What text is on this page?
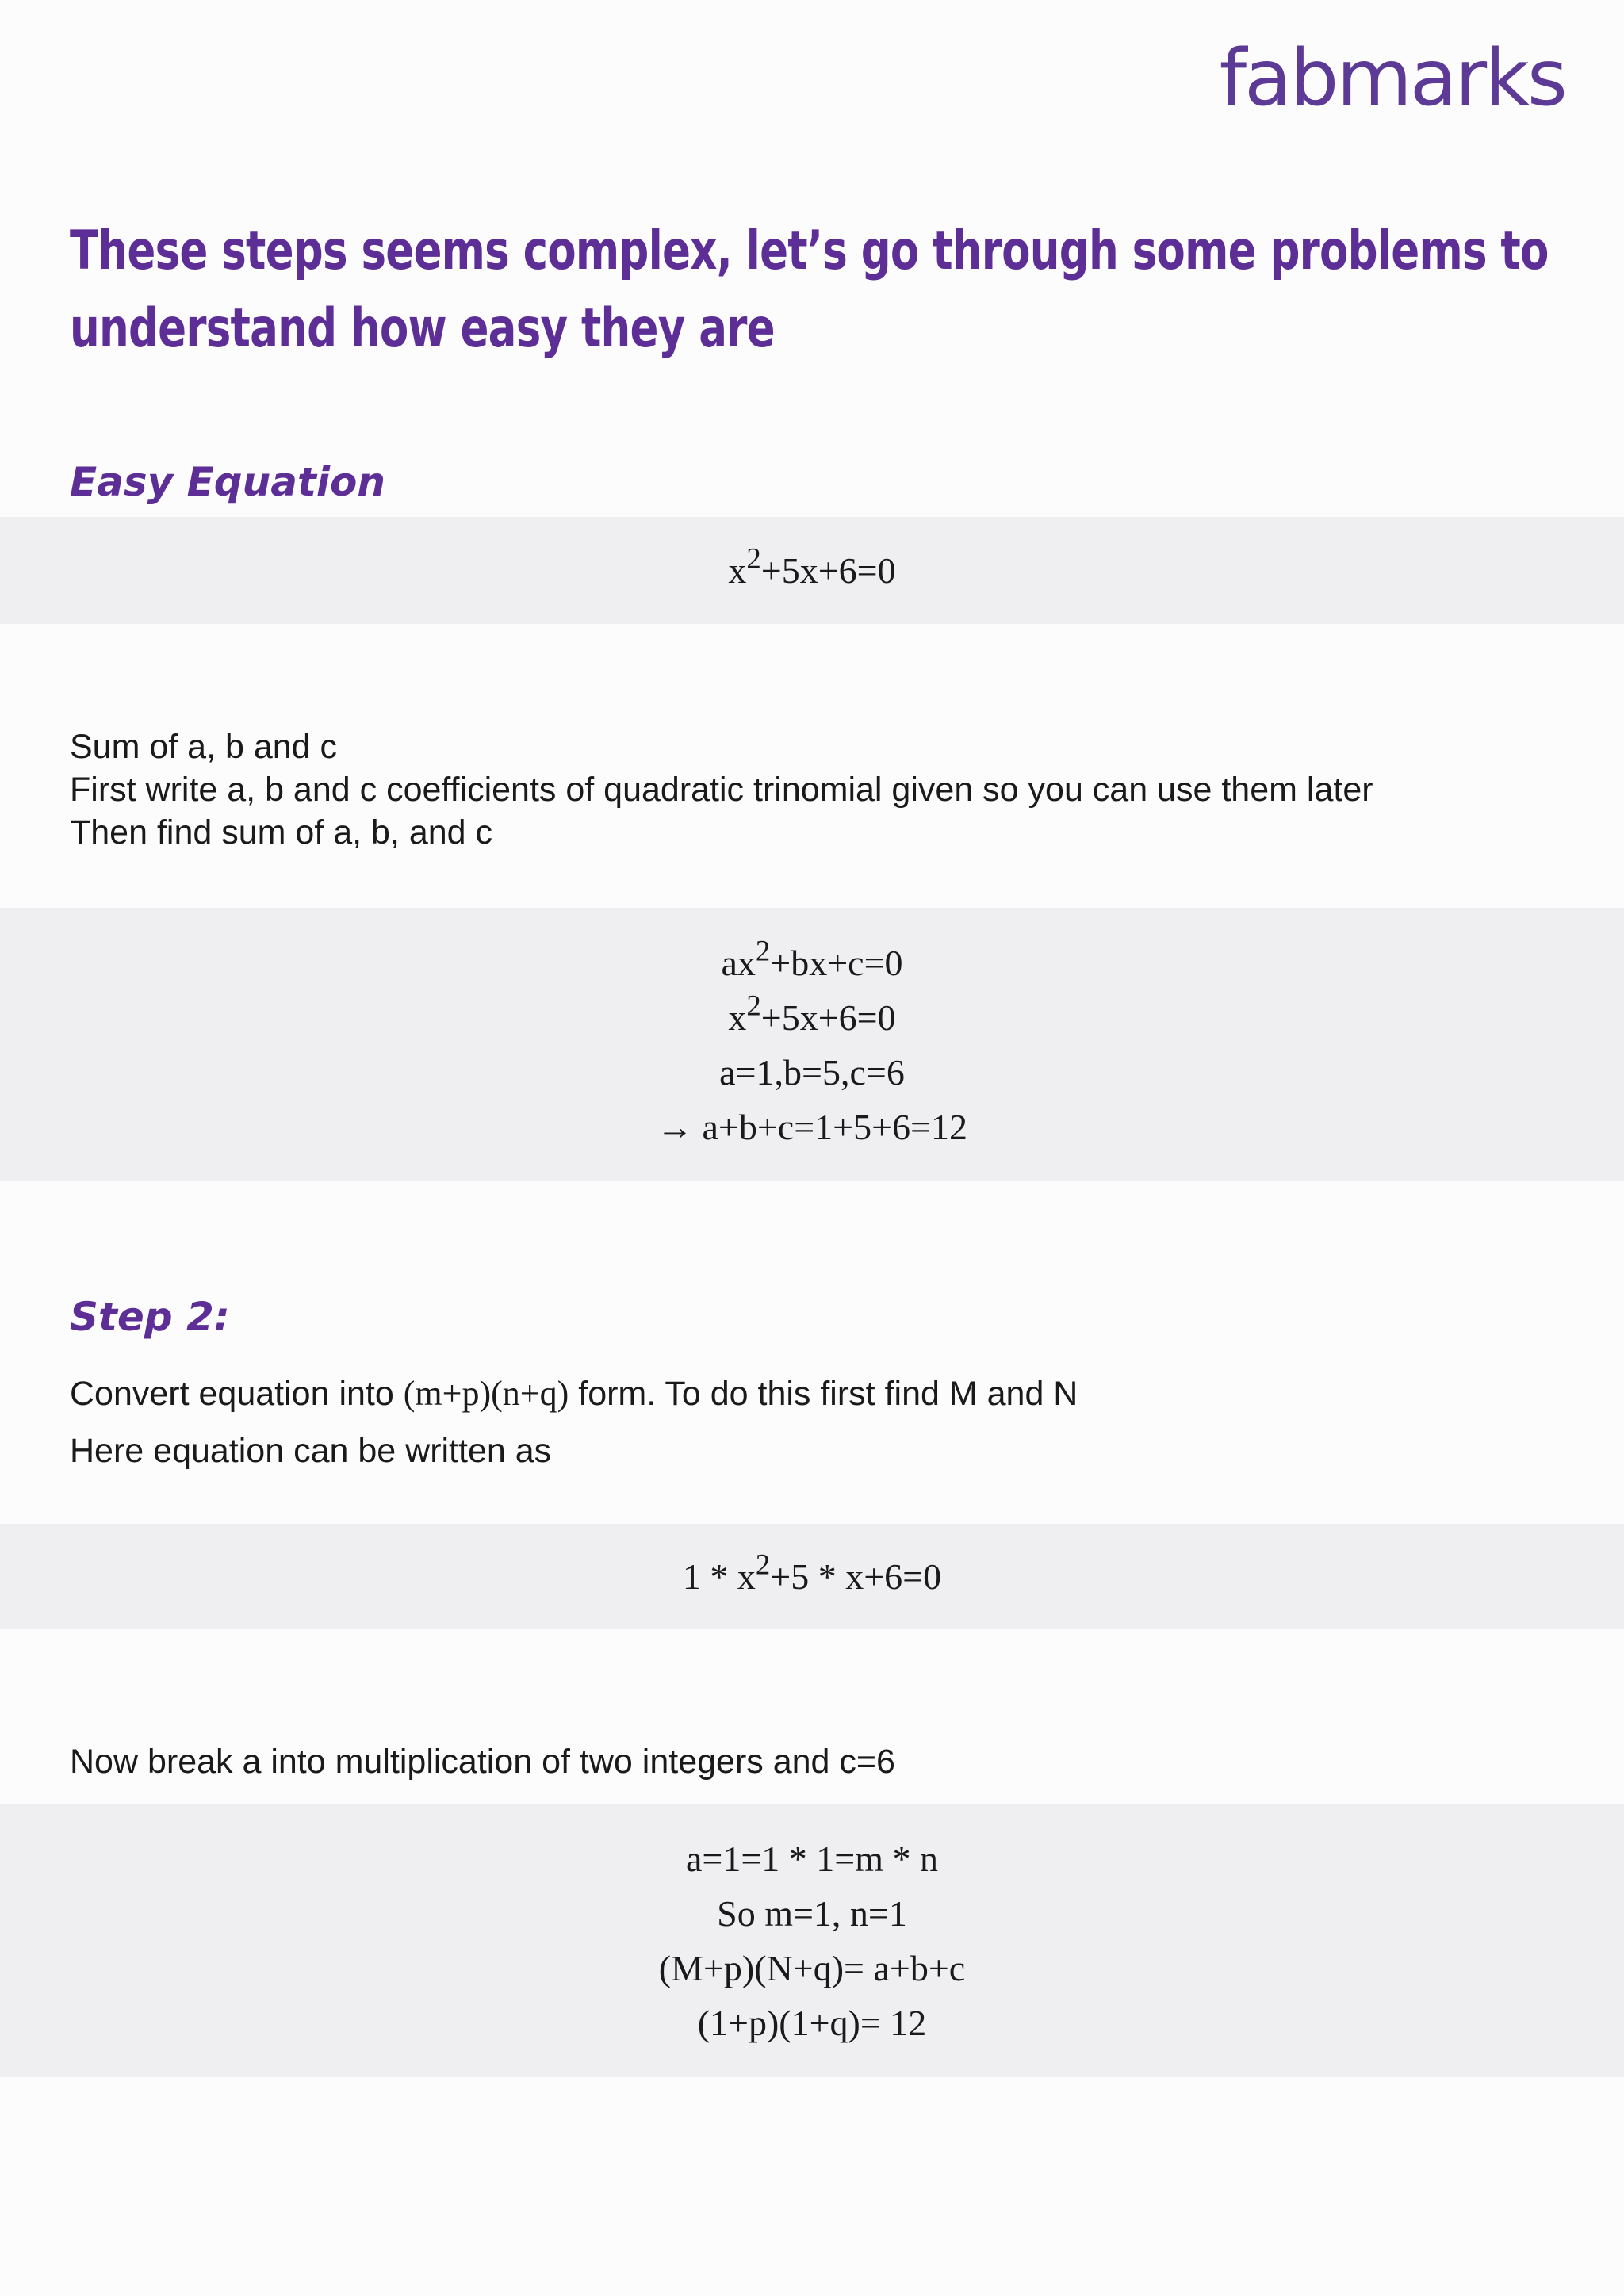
fabmarks
These steps seems complex, let’s go through some problems to
understand how easy they are
Easy Equation
$x^2+5x+6=0$
Sum of a, b and c
First write a, b and c coefficients of quadratic trinomial given so you can use them later
Then find sum of a, b, and c
$ax^2+bx+c=0$
$x^2+5x+6=0$
a=1,b=5,c=6
→ a+b+c=1+5+6=12
Step 2:
Convert equation into (m+p)(n+q) form. To do this first find M and N
Here equation can be written as
$1 * x^2+5 * x+6=0$
Now break a into multiplication of two integers and c=6
a=1=1 * 1=m * n
So m=1, n=1
(M+p)(N+q)= a+b+c
(1+p)(1+q)= 12
